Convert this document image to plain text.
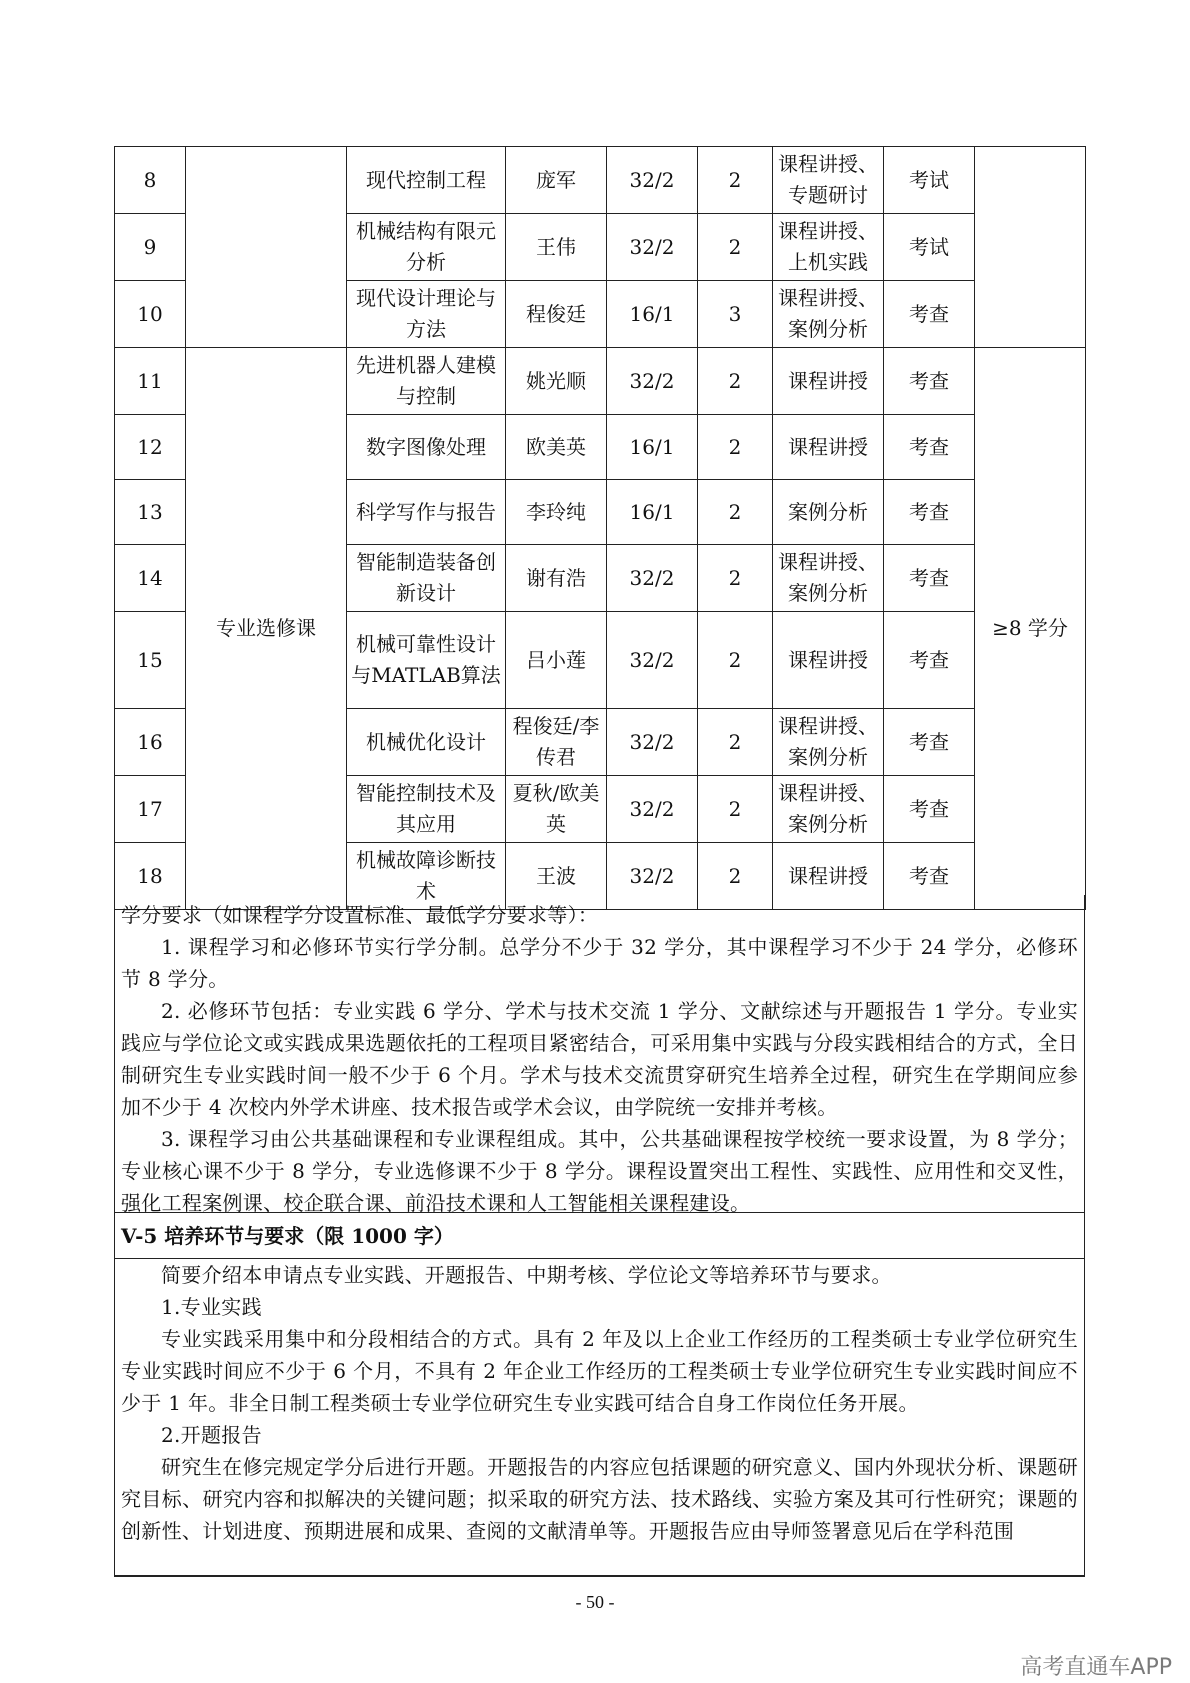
8		现代控制工程	庞军	32/2	2	课程讲授、专题研讨	考试	
9		机械结构有限元分析	王伟	32/2	2	课程讲授、上机实践	考试	
10		现代设计理论与方法	程俊廷	16/1	3	课程讲授、案例分析	考查	
11	专业选修课	先进机器人建模与控制	姚光顺	32/2	2	课程讲授	考查	≥8 学分
12		数字图像处理	欧美英	16/1	2	课程讲授	考查	
13		科学写作与报告	李玲纯	16/1	2	案例分析	考查	
14		智能制造装备创新设计	谢有浩	32/2	2	课程讲授、案例分析	考查	
15		机械可靠性设计与MATLAB算法	吕小莲	32/2	2	课程讲授	考查	
16		机械优化设计	程俊廷/李传君	32/2	2	课程讲授、案例分析	考查	
17		智能控制技术及其应用	夏秋/欧美英	32/2	2	课程讲授、案例分析	考查	
18		机械故障诊断技术	王波	32/2	2	课程讲授	考查	

学分要求（如课程学分设置标准、最低学分要求等）：

1. 课程学习和必修环节实行学分制。总学分不少于 32 学分，其中课程学习不少于 24 学分，必修环节 8 学分。

2. 必修环节包括：专业实践 6 学分、学术与技术交流 1 学分、文献综述与开题报告 1 学分。专业实践应与学位论文或实践成果选题依托的工程项目紧密结合，可采用集中实践与分段实践相结合的方式，全日制研究生专业实践时间一般不少于 6 个月。学术与技术交流贯穿研究生培养全过程，研究生在学期间应参加不少于 4 次校内外学术讲座、技术报告或学术会议，由学院统一安排并考核。

3. 课程学习由公共基础课程和专业课程组成。其中，公共基础课程按学校统一要求设置，为 8 学分；专业核心课不少于 8 学分，专业选修课不少于 8 学分。课程设置突出工程性、实践性、应用性和交叉性，强化工程案例课、校企联合课、前沿技术课和人工智能相关课程建设。

V-5 培养环节与要求（限 1000 字）

简要介绍本申请点专业实践、开题报告、中期考核、学位论文等培养环节与要求。

1.专业实践

专业实践采用集中和分段相结合的方式。具有 2 年及以上企业工作经历的工程类硕士专业学位研究生专业实践时间应不少于 6 个月，不具有 2 年企业工作经历的工程类硕士专业学位研究生专业实践时间应不少于 1 年。非全日制工程类硕士专业学位研究生专业实践可结合自身工作岗位任务开展。

2.开题报告

研究生在修完规定学分后进行开题。开题报告的内容应包括课题的研究意义、国内外现状分析、课题研究目标、研究内容和拟解决的关键问题；拟采取的研究方法、技术路线、实验方案及其可行性研究；课题的创新性、计划进度、预期进展和成果、查阅的文献清单等。开题报告应由导师签署意见后在学科范围

- 50 -
高考直通车APP
